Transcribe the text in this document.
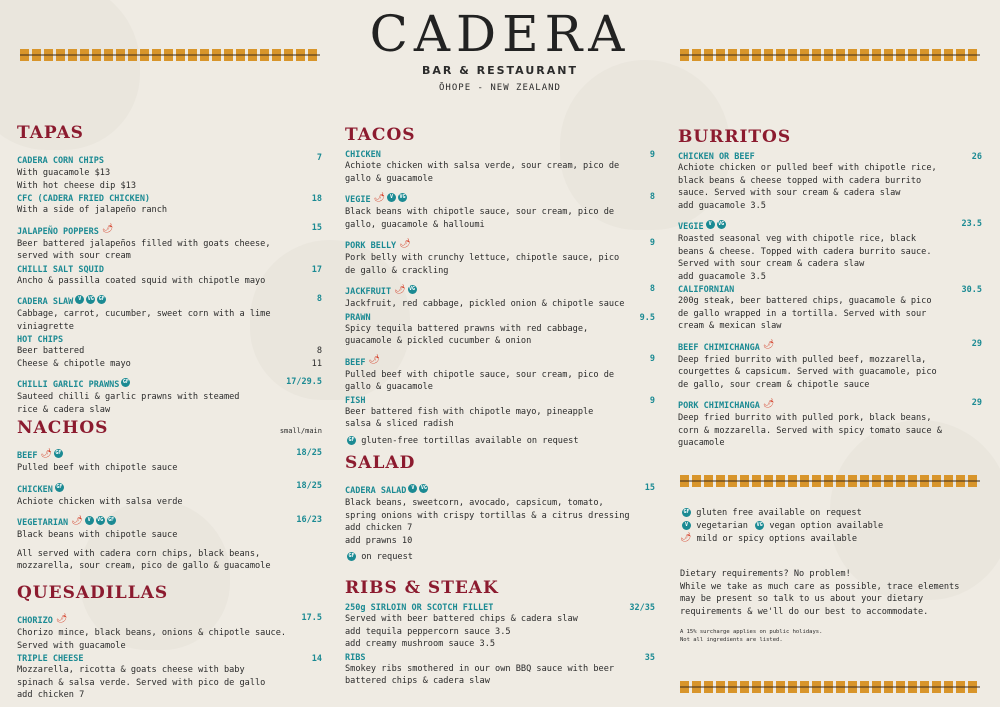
CADERA
BAR & RESTAURANT
ŌHOPE - NEW ZEALAND
TAPAS
CADERA CORN CHIPS	7
With guacamole $13
With hot cheese dip $13
CFC (CADERA FRIED CHICKEN)	18
With a side of jalapeño ranch
JALAPEÑO POPPERS 🌶	15
Beer battered jalapeños filled with goats cheese,
served with sour cream
CHILLI SALT SQUID	17
Ancho & passilla coated squid with chipotle mayo
CADERA SLAW V VG GF	8
Cabbage, carrot, cucumber, sweet corn with a lime
viniagrette
HOT CHIPS
Beer battered	8
Cheese & chipotle mayo	11
CHILLI GARLIC PRAWNS GF	17/29.5
Sauteed chilli & garlic prawns with steamed
rice & cadera slaw
NACHOS	small/main
BEEF 🌶 GF	18/25
Pulled beef with chipotle sauce
CHICKEN GF	18/25
Achiote chicken with salsa verde
VEGETARIAN 🌶 V VG GF	16/23
Black beans with chipotle sauce
All served with cadera corn chips, black beans, mozzarella, sour cream, pico de gallo & guacamole
QUESADILLAS
CHORIZO 🌶	17.5
Chorizo mince, black beans, onions & chipotle sauce.
Served with guacamole
TRIPLE CHEESE	14
Mozzarella, ricotta & goats cheese with baby
spinach & salsa verde. Served with pico de gallo
add chicken 7
TACOS
CHICKEN	9
Achiote chicken with salsa verde, sour cream, pico de
gallo & guacamole
VEGIE 🌶 V VG	8
Black beans with chipotle sauce, sour cream, pico de
gallo, guacamole & halloumi
PORK BELLY 🌶	9
Pork belly with crunchy lettuce, chipotle sauce, pico
de gallo & crackling
JACKFRUIT 🌶 VG	8
Jackfruit, red cabbage, pickled onion & chipotle sauce
PRAWN	9.5
Spicy tequila battered prawns with red cabbage,
guacamole & pickled cucumber & onion
BEEF 🌶	9
Pulled beef with chipotle sauce, sour cream, pico de
gallo & guacamole
FISH	9
Beer battered fish with chipotle mayo, pineapple
salsa & sliced radish
GF gluten-free tortillas available on request
SALAD
CADERA SALAD V VG	15
Black beans, sweetcorn, avocado, capsicum, tomato,
spring onions with crispy tortillas & a citrus dressing
add chicken 7
add prawns 10
GF on request
RIBS & STEAK
250g SIRLOIN OR SCOTCH FILLET	32/35
Served with beer battered chips & cadera slaw
add tequila peppercorn sauce 3.5
add creamy mushroom sauce 3.5
RIBS	35
Smokey ribs smothered in our own BBQ sauce with beer
battered chips & cadera slaw
BURRITOS
CHICKEN OR BEEF	26
Achiote chicken or pulled beef with chipotle rice,
black beans & cheese topped with cadera burrito
sauce. Served with sour cream & cadera slaw
add guacamole 3.5
VEGIE V VG	23.5
Roasted seasonal veg with chipotle rice, black
beans & cheese. Topped with cadera burrito sauce.
Served with sour cream & cadera slaw
add guacamole 3.5
CALIFORNIAN	30.5
200g steak, beer battered chips, guacamole & pico
de gallo wrapped in a tortilla. Served with sour
cream & mexican slaw
BEEF CHIMICHANGA 🌶	29
Deep fried burrito with pulled beef, mozzarella,
courgettes & capsicum. Served with guacamole, pico
de gallo, sour cream & chipotle sauce
PORK CHIMICHANGA 🌶	29
Deep fried burrito with pulled pork, black beans,
corn & mozzarella. Served with spicy tomato sauce &
guacamole
GF gluten free available on request
V vegetarian VG vegan option available
🌶 mild or spicy options available
Dietary requirements? No problem!
While we take as much care as possible, trace elements
may be present so talk to us about your dietary
requirements & we'll do our best to accommodate.
A 15% surcharge applies on public holidays.
Not all ingredients are listed.
